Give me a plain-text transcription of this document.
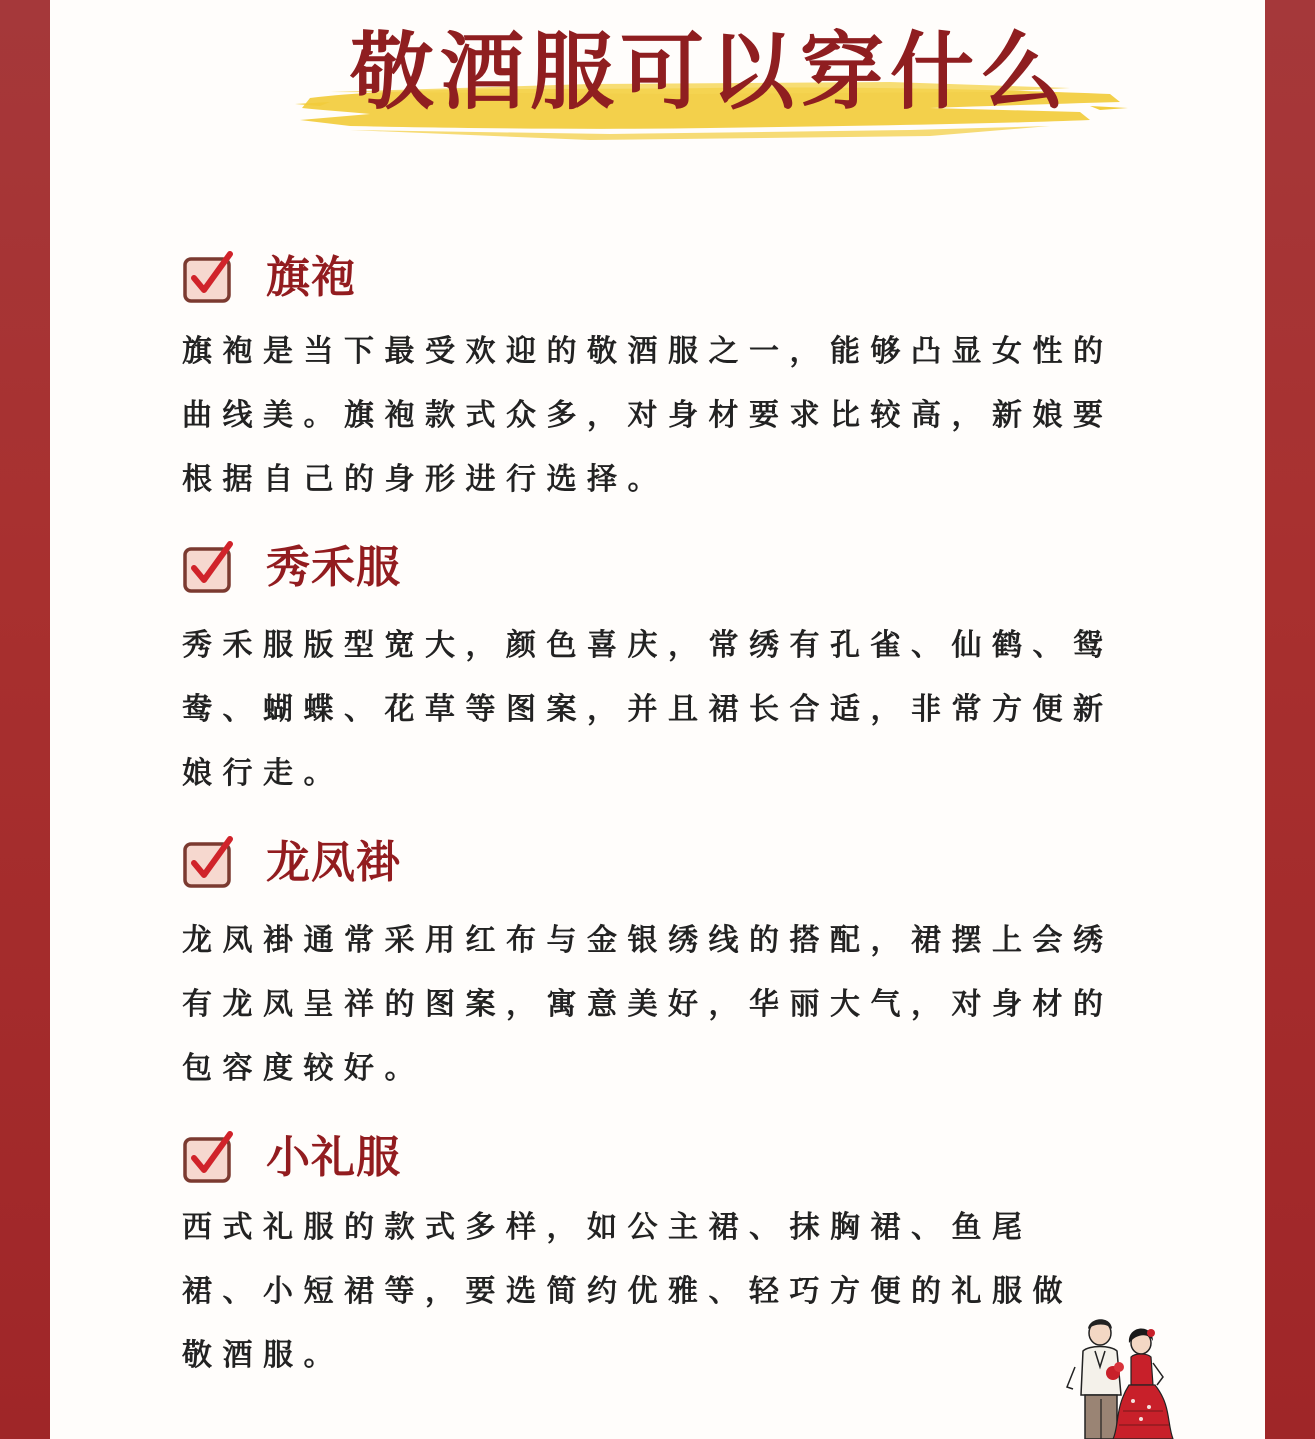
敬酒服可以穿什么
旗袍
旗袍是当下最受欢迎的敬酒服之一，能够凸显女性的曲线美。旗袍款式众多，对身材要求比较高，新娘要根据自己的身形进行选择。
秀禾服
秀禾服版型宽大，颜色喜庆，常绣有孔雀、仙鹤、鸳鸯、蝴蝶、花草等图案，并且裙长合适，非常方便新娘行走。
龙凤褂
龙凤褂通常采用红布与金银绣线的搭配，裙摆上会绣有龙凤呈祥的图案，寓意美好，华丽大气，对身材的包容度较好。
小礼服
西式礼服的款式多样，如公主裙、抹胸裙、鱼尾裙、小短裙等，要选简约优雅、轻巧方便的礼服做敬酒服。
